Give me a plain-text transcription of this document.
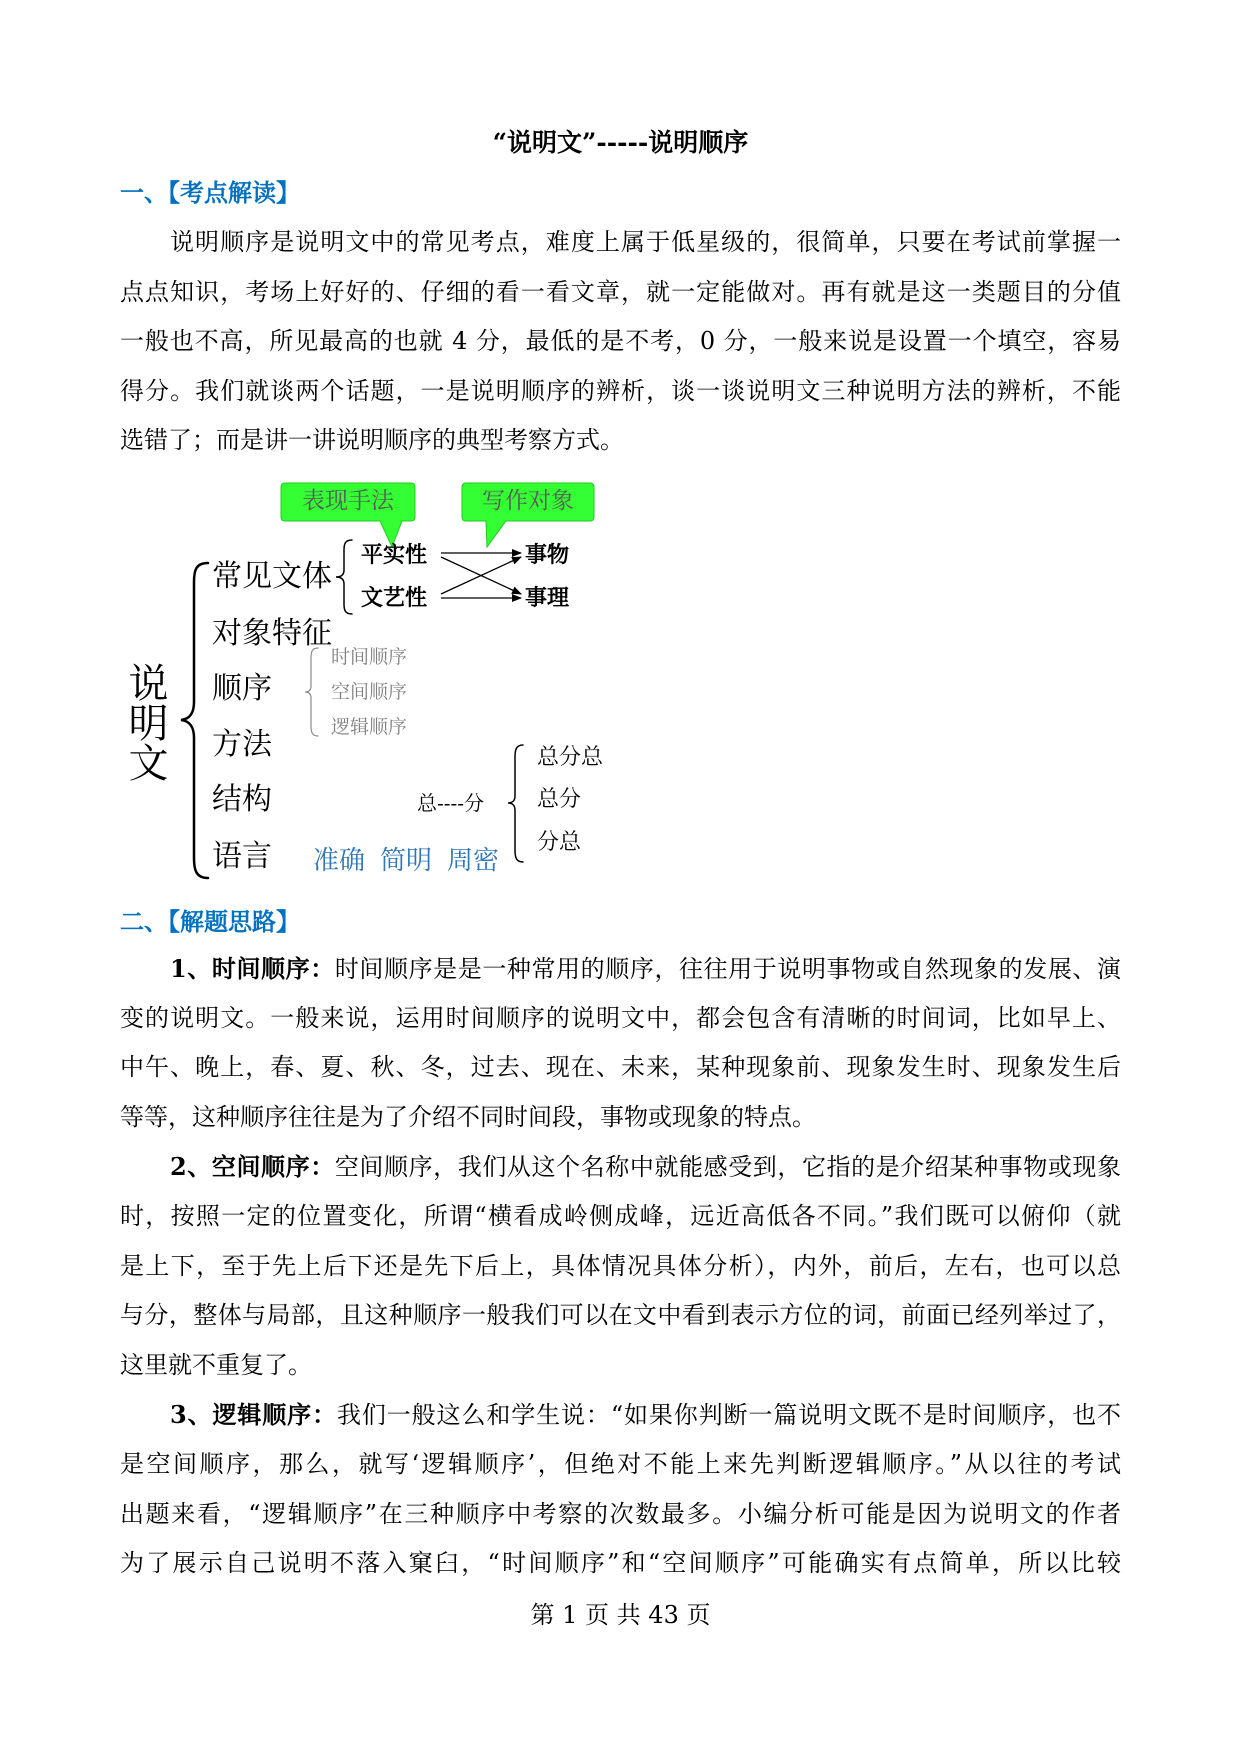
“说明文”-----说明顺序
一、【考点解读】
说明顺序是说明文中的常见考点，难度上属于低星级的，很简单，只要在考试前掌握一
点点知识，考场上好好的、仔细的看一看文章，就一定能做对。再有就是这一类题目的分值
一般也不高，所见最高的也就 4 分，最低的是不考，0 分，一般来说是设置一个填空，容易
得分。我们就谈两个话题，一是说明顺序的辨析，谈一谈说明文三种说明方法的辨析，不能
选错了；而是讲一讲说明顺序的典型考察方式。
表现手法	写作对象
说明文
常见文体
平实性
文艺性
事物
事理
对象特征
顺序
时间顺序
空间顺序
逻辑顺序
方法
结构	总----分
总分总
总分
分总
语言 准确 简明 周密
二、【解题思路】
1、时间顺序：时间顺序是是一种常用的顺序，往往用于说明事物或自然现象的发展、演
变的说明文。一般来说，运用时间顺序的说明文中，都会包含有清晰的时间词，比如早上、
中午、晚上，春、夏、秋、冬，过去、现在、未来，某种现象前、现象发生时、现象发生后
等等，这种顺序往往是为了介绍不同时间段，事物或现象的特点。
2、空间顺序：空间顺序，我们从这个名称中就能感受到，它指的是介绍某种事物或现象
时，按照一定的位置变化，所谓“横看成岭侧成峰，远近高低各不同。”我们既可以俯仰（就
是上下，至于先上后下还是先下后上，具体情况具体分析），内外，前后，左右，也可以总
与分，整体与局部，且这种顺序一般我们可以在文中看到表示方位的词，前面已经列举过了，
这里就不重复了。
3、逻辑顺序：我们一般这么和学生说：“如果你判断一篇说明文既不是时间顺序，也不
是空间顺序，那么，就写‘逻辑顺序’，但绝对不能上来先判断逻辑顺序。”从以往的考试
出题来看，“逻辑顺序”在三种顺序中考察的次数最多。小编分析可能是因为说明文的作者
为了展示自己说明不落入窠臼，“时间顺序”和“空间顺序”可能确实有点简单，所以比较
第 1 页 共 43 页
